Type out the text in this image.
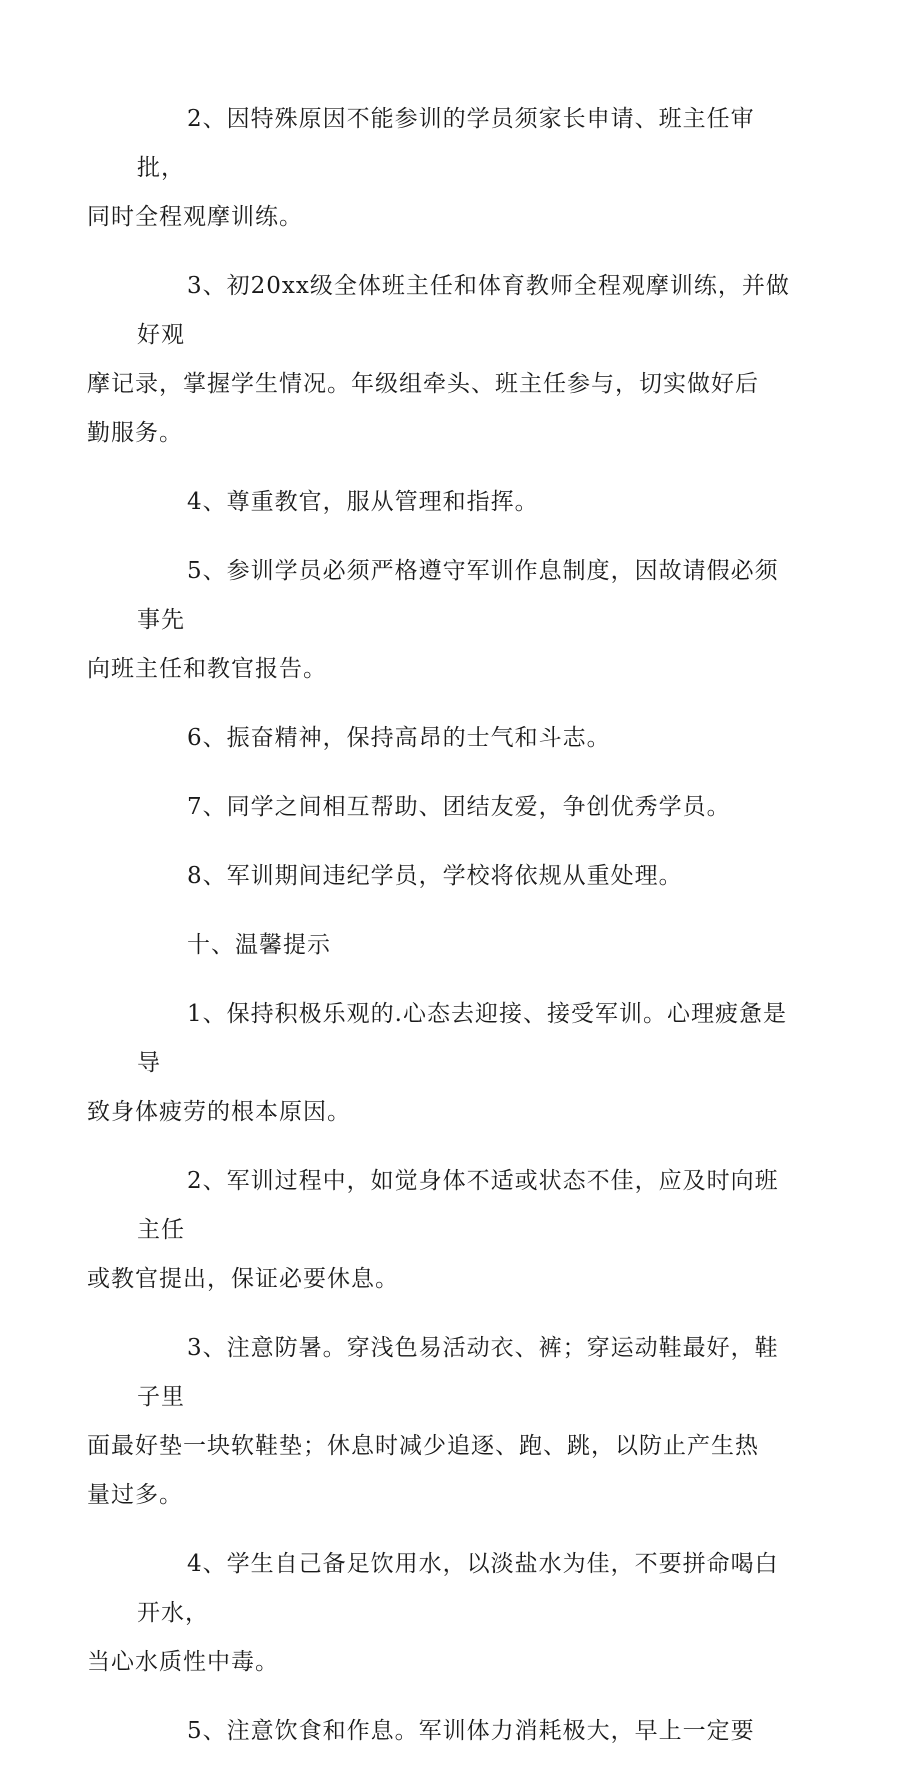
2、因特殊原因不能参训的学员须家长申请、班主任审批，
同时全程观摩训练。

3、初20xx级全体班主任和体育教师全程观摩训练，并做好观
摩记录，掌握学生情况。年级组牵头、班主任参与，切实做好后
勤服务。

4、尊重教官，服从管理和指挥。

5、参训学员必须严格遵守军训作息制度，因故请假必须事先
向班主任和教官报告。

6、振奋精神，保持高昂的士气和斗志。

7、同学之间相互帮助、团结友爱，争创优秀学员。

8、军训期间违纪学员，学校将依规从重处理。

十、温馨提示

1、保持积极乐观的.心态去迎接、接受军训。心理疲惫是导
致身体疲劳的根本原因。

2、军训过程中，如觉身体不适或状态不佳，应及时向班主任
或教官提出，保证必要休息。

3、注意防暑。穿浅色易活动衣、裤；穿运动鞋最好，鞋子里
面最好垫一块软鞋垫；休息时减少追逐、跑、跳，以防止产生热
量过多。

4、学生自己备足饮用水，以淡盐水为佳，不要拼命喝白开水，
当心水质性中毒。

5、注意饮食和作息。军训体力消耗极大，早上一定要
